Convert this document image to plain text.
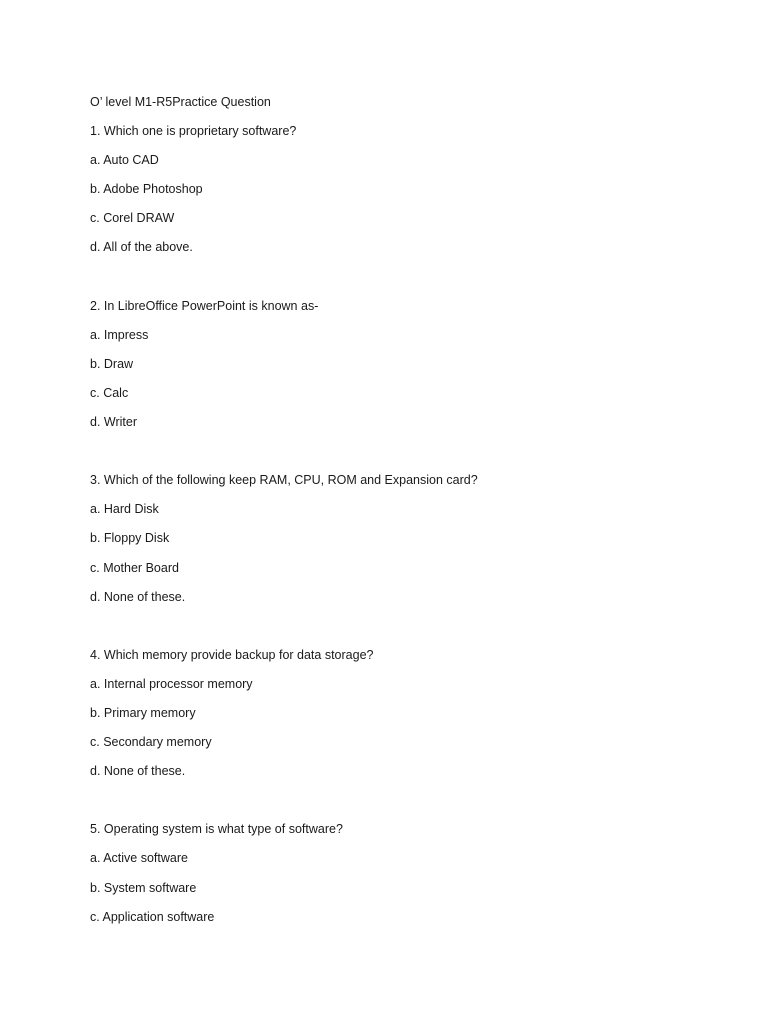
O’ level M1-R5Practice Question
1. Which one is proprietary software?
a. Auto CAD
b. Adobe Photoshop
c. Corel DRAW
d. All of the above.
2. In LibreOffice PowerPoint is known as-
a. Impress
b. Draw
c. Calc
d. Writer
3. Which of the following keep RAM, CPU, ROM and Expansion card?
a. Hard Disk
b. Floppy Disk
c. Mother Board
d. None of these.
4. Which memory provide backup for data storage?
a. Internal processor memory
b. Primary memory
c. Secondary memory
d. None of these.
5. Operating system is what type of software?
a. Active software
b. System software
c. Application software
